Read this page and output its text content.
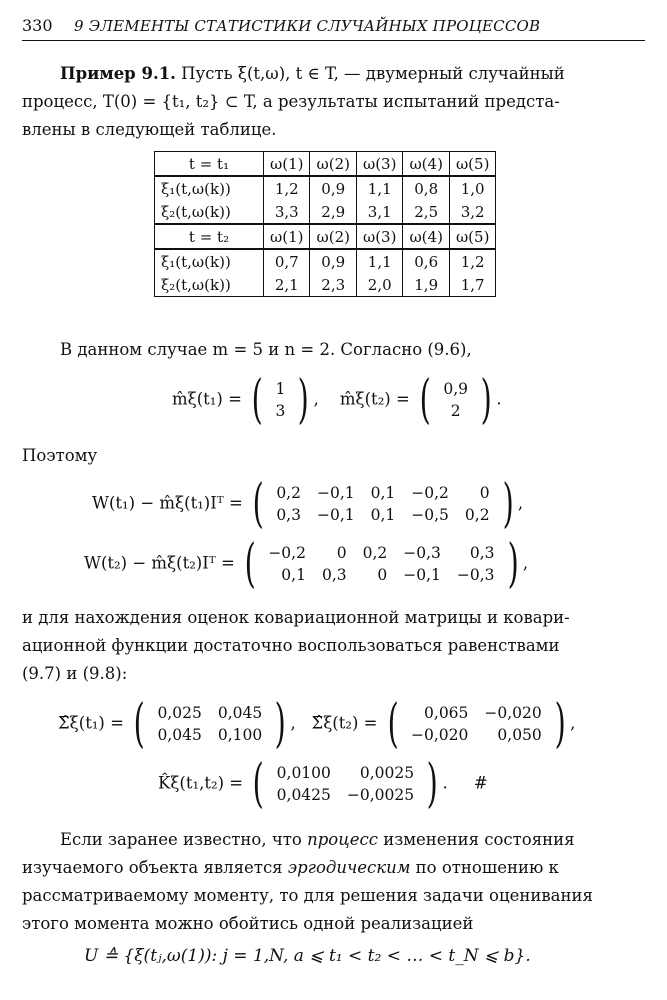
330 9 ЭЛЕМЕНТЫ СТАТИСТИКИ СЛУЧАЙНЫХ ПРОЦЕССОВ
Пример 9.1. Пусть ξ(t,ω), t ∈ T, — двумерный случайный
процесс, T(0) = {t₁, t₂} ⊂ T, а результаты испытаний предста-
влены в следующей таблице.
t = t₁	ω(1)	ω(2)	ω(3)	ω(4)	ω(5)
ξ₁(t,ω(k))	1,2	0,9	1,1	0,8	1,0
ξ₂(t,ω(k))	3,3	2,9	3,1	2,5	3,2
t = t₂	ω(1)	ω(2)	ω(3)	ω(4)	ω(5)
ξ₁(t,ω(k))	0,7	0,9	1,1	0,6	1,2
ξ₂(t,ω(k))	2,1	2,3	2,0	1,9	1,7
В данном случае m = 5 и n = 2. Согласно (9.6),
m̂ξ(t₁) = ( 1
3 ) ,    m̂ξ(t₂) = ( 0,9
2 ) .
Поэтому
W(t₁) − m̂ξ(t₁)Iᵀ = ( 0,2	−0,1	0,1	−0,2	0
0,3	−0,1	0,1	−0,5	0,2 ) ,
W(t₂) − m̂ξ(t₂)Iᵀ = ( −0,2	0	0,2	−0,3	0,3
0,1	0,3	0	−0,1	−0,3 ) ,
и для нахождения оценок ковариационной матрицы и ковари-
ационной функции достаточно воспользоваться равенствами
(9.7) и (9.8):
Σ̂ξ(t₁) = ( 0,025	0,045
0,045	0,100 ) ,   Σ̂ξ(t₂) = ( 0,065	−0,020
−0,020	0,050 ) ,
K̂ξ(t₁,t₂) = ( 0,0100	0,0025
0,0425	−0,0025 ) .     #
Если заранее известно, что процесс изменения состояния
изучаемого объекта является эргодическим по отношению к
рассматриваемому моменту, то для решения задачи оценивания
этого момента можно обойтись одной реализацией
U ≙ {ξ(tⱼ,ω(1)): j = 1,N, a ⩽ t₁ < t₂ < … < t_N ⩽ b}.
